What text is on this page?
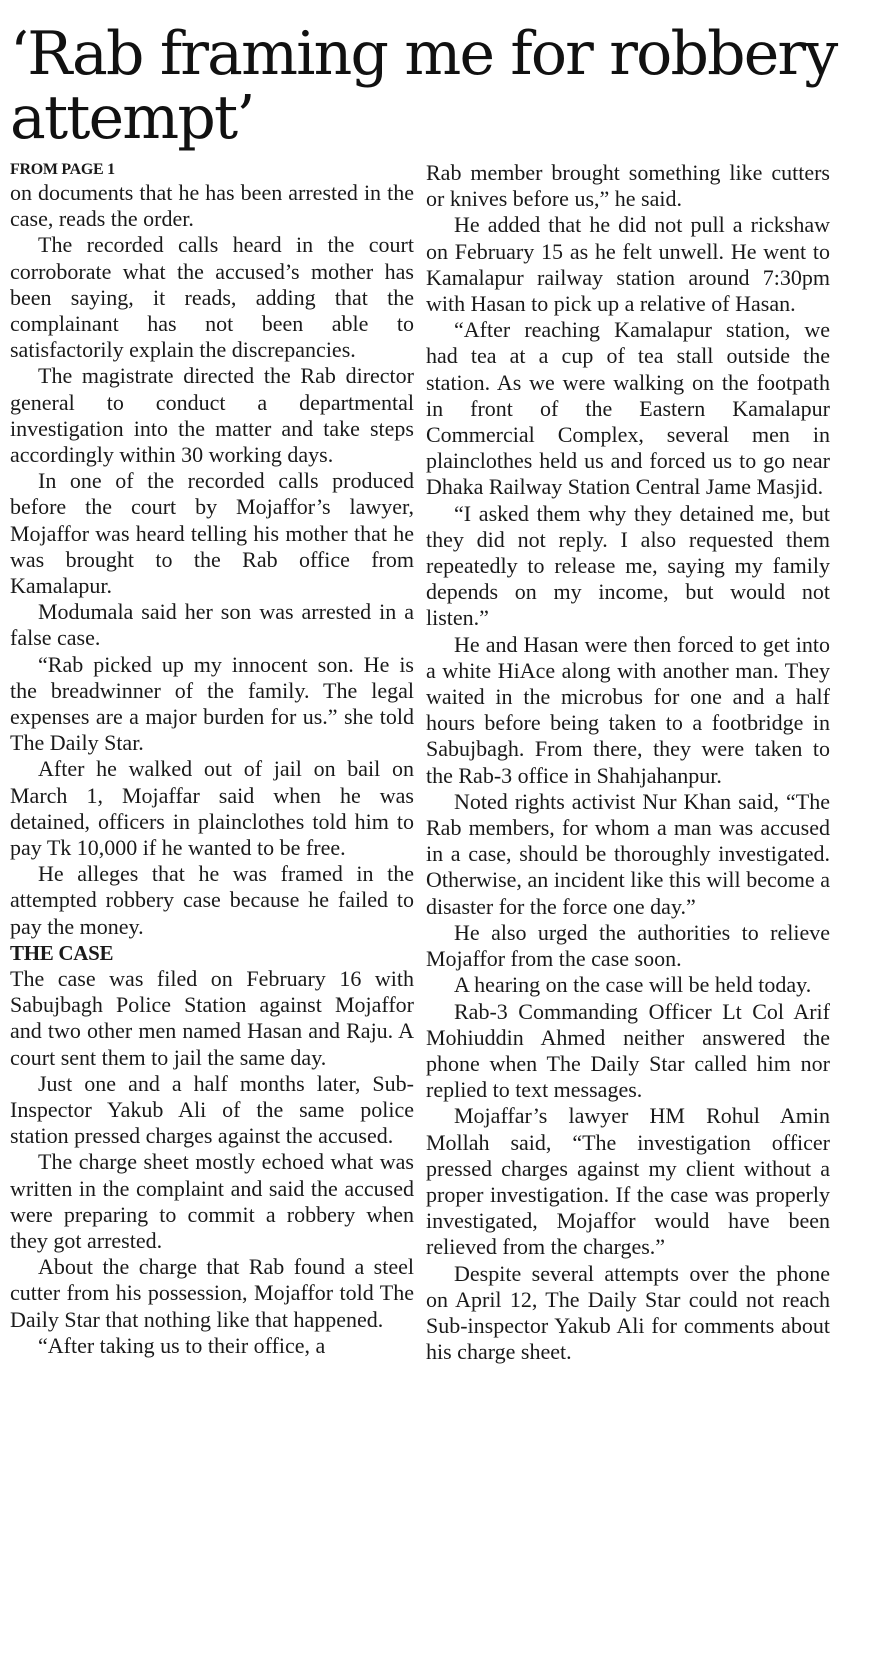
‘Rab framing me for robbery attempt’
FROM PAGE 1

on documents that he has been arrested in the case, reads the order.

The recorded calls heard in the court corroborate what the accused’s mother has been saying, it reads, adding that the complainant has not been able to satisfactorily explain the discrepancies.

The magistrate directed the Rab director general to conduct a departmental investigation into the matter and take steps accordingly within 30 working days.

In one of the recorded calls produced before the court by Mojaffor’s lawyer, Mojaffor was heard telling his mother that he was brought to the Rab office from Kamalapur.

Modumala said her son was arrested in a false case.

“Rab picked up my innocent son. He is the breadwinner of the family. The legal expenses are a major burden for us.” she told The Daily Star.

After he walked out of jail on bail on March 1, Mojaffar said when he was detained, officers in plainclothes told him to pay Tk 10,000 if he wanted to be free.

He alleges that he was framed in the attempted robbery case because he failed to pay the money.

THE CASE

The case was filed on February 16 with Sabujbagh Police Station against Mojaffor and two other men named Hasan and Raju. A court sent them to jail the same day.

Just one and a half months later, Sub-Inspector Yakub Ali of the same police station pressed charges against the accused.

The charge sheet mostly echoed what was written in the complaint and said the accused were preparing to commit a robbery when they got arrested.

About the charge that Rab found a steel cutter from his possession, Mojaffor told The Daily Star that nothing like that happened.

“After taking us to their office, a

Rab member brought something like cutters or knives before us,” he said.

He added that he did not pull a rickshaw on February 15 as he felt unwell. He went to Kamalapur railway station around 7:30pm with Hasan to pick up a relative of Hasan.

“After reaching Kamalapur station, we had tea at a cup of tea stall outside the station. As we were walking on the footpath in front of the Eastern Kamalapur Commercial Complex, several men in plainclothes held us and forced us to go near Dhaka Railway Station Central Jame Masjid.

“I asked them why they detained me, but they did not reply. I also requested them repeatedly to release me, saying my family depends on my income, but would not listen.”

He and Hasan were then forced to get into a white HiAce along with another man. They waited in the microbus for one and a half hours before being taken to a footbridge in Sabujbagh. From there, they were taken to the Rab-3 office in Shahjahanpur.

Noted rights activist Nur Khan said, “The Rab members, for whom a man was accused in a case, should be thoroughly investigated. Otherwise, an incident like this will become a disaster for the force one day.”

He also urged the authorities to relieve Mojaffor from the case soon.

A hearing on the case will be held today.

Rab-3 Commanding Officer Lt Col Arif Mohiuddin Ahmed neither answered the phone when The Daily Star called him nor replied to text messages.

Mojaffar’s lawyer HM Rohul Amin Mollah said, “The investigation officer pressed charges against my client without a proper investigation. If the case was properly investigated, Mojaffor would have been relieved from the charges.”

Despite several attempts over the phone on April 12, The Daily Star could not reach Sub-inspector Yakub Ali for comments about his charge sheet.
